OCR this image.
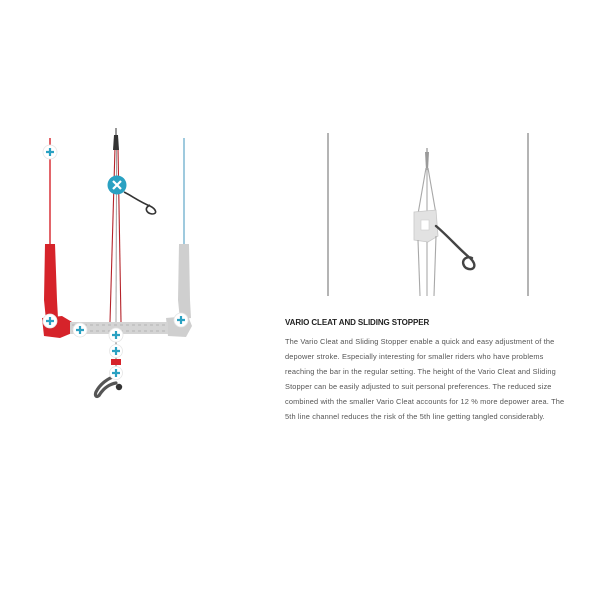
VARIO CLEAT AND SLIDING STOPPER

The Vario Cleat and Sliding Stopper enable a quick and easy adjustment of the depower stroke. Especially interesting for smaller riders who have problems reaching the bar in the regular setting. The height of the Vario Cleat and Sliding Stopper can be easily adjusted to suit personal preferences. The reduced size combined with the smaller Vario Cleat accounts for 12 % more depower area. The 5th line channel reduces the risk of the 5th line getting tangled considerably.
